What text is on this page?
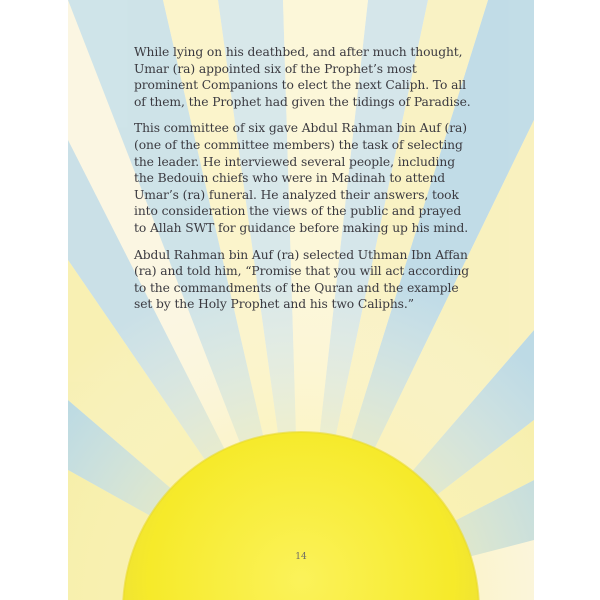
While lying on his deathbed, and after much thought, Umar (ra) appointed six of the Prophet’s most prominent Companions to elect the next Caliph. To all of them, the Prophet had given the tidings of Paradise.

This committee of six gave Abdul Rahman bin Auf (ra) (one of the committee members) the task of selecting the leader. He interviewed several people, including the Bedouin chiefs who were in Madinah to attend Umar’s (ra) funeral. He analyzed their answers, took into consideration the views of the public and prayed to Allah SWT for guidance before making up his mind.

Abdul Rahman bin Auf (ra) selected Uthman Ibn Affan (ra) and told him, “Promise that you will act according to the commandments of the Quran and the example set by the Holy Prophet and his two Caliphs.”

14
